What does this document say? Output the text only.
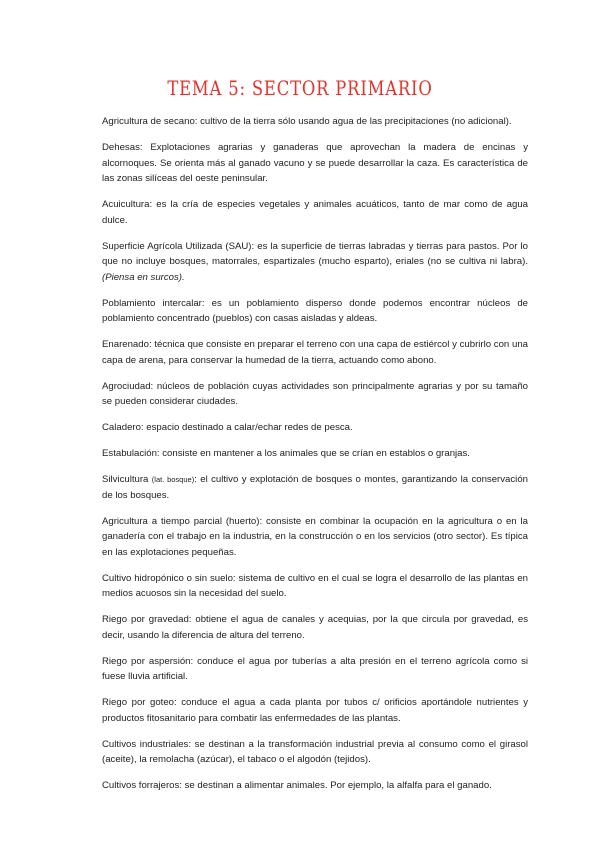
TEMA 5: SECTOR PRIMARIO

Agricultura de secano: cultivo de la tierra sólo usando agua de las precipitaciones (no adicional).

Dehesas: Explotaciones agrarias y ganaderas que aprovechan la madera de encinas y alcornoques. Se orienta más al ganado vacuno y se puede desarrollar la caza. Es característica de las zonas silíceas del oeste peninsular.

Acuicultura: es la cría de especies vegetales y animales acuáticos, tanto de mar como de agua dulce.

Superficie Agrícola Utilizada (SAU): es la superficie de tierras labradas y tierras para pastos. Por lo que no incluye bosques, matorrales, espartizales (mucho esparto), eriales (no se cultiva ni labra). (Piensa en surcos).

Poblamiento intercalar: es un poblamiento disperso donde podemos encontrar núcleos de poblamiento concentrado (pueblos) con casas aisladas y aldeas.

Enarenado: técnica que consiste en preparar el terreno con una capa de estiércol y cubrirlo con una capa de arena, para conservar la humedad de la tierra, actuando como abono.

Agrociudad: núcleos de población cuyas actividades son principalmente agrarias y por su tamaño se pueden considerar ciudades.

Caladero: espacio destinado a calar/echar redes de pesca.

Estabulación: consiste en mantener a los animales que se crían en establos o granjas.

Silvicultura (lat. bosque): el cultivo y explotación de bosques o montes, garantizando la conservación de los bosques.

Agricultura a tiempo parcial (huerto): consiste en combinar la ocupación en la agricultura o en la ganadería con el trabajo en la industria, en la construcción o en los servicios (otro sector). Es típica en las explotaciones pequeñas.

Cultivo hidropónico o sin suelo: sistema de cultivo en el cual se logra el desarrollo de las plantas en medios acuosos sin la necesidad del suelo.

Riego por gravedad: obtiene el agua de canales y acequias, por la que circula por gravedad, es decir, usando la diferencia de altura del terreno.

Riego por aspersión: conduce el agua por tuberías a alta presión en el terreno agrícola como si fuese lluvia artificial.

Riego por goteo: conduce el agua a cada planta por tubos c/ orificios aportándole nutrientes y productos fitosanitario para combatir las enfermedades de las plantas.

Cultivos industriales: se destinan a la transformación industrial previa al consumo como el girasol (aceite), la remolacha (azúcar), el tabaco o el algodón (tejidos).

Cultivos forrajeros: se destinan a alimentar animales. Por ejemplo, la alfalfa para el ganado.
